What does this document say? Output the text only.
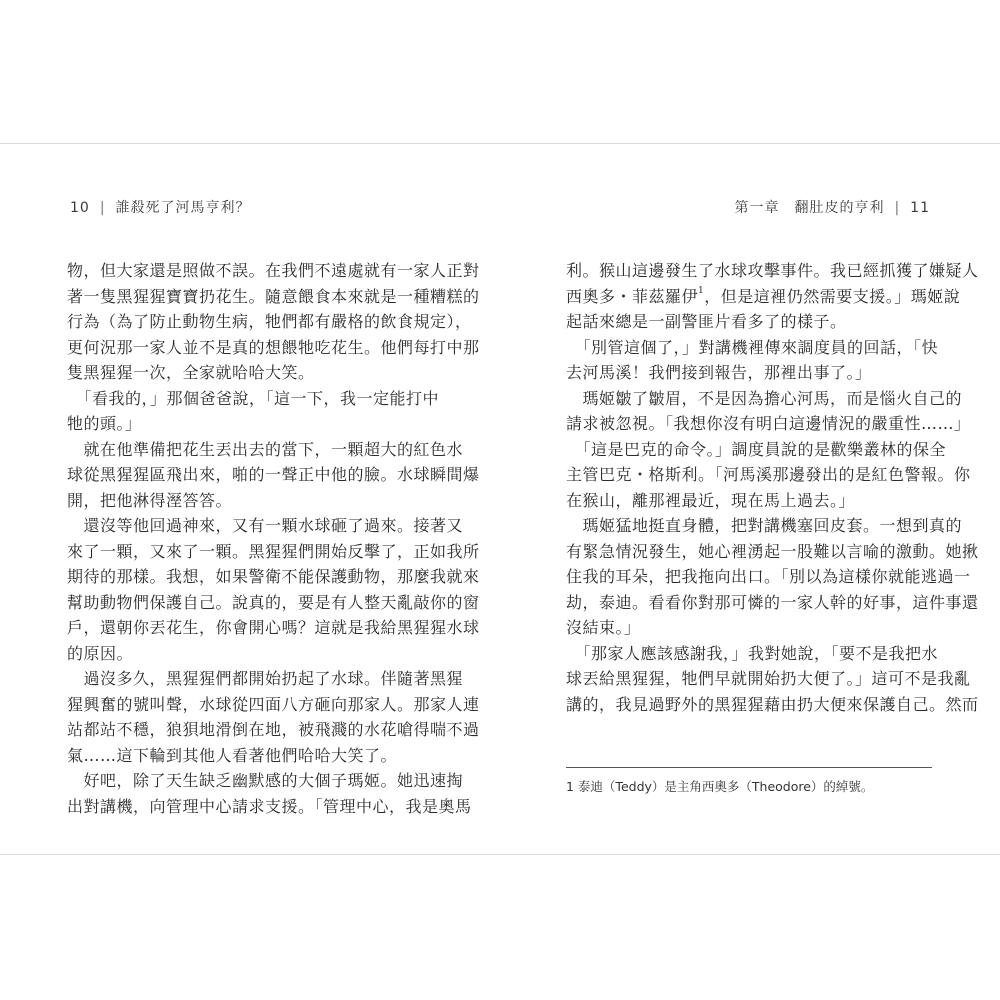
10 | 誰殺死了河馬亨利？	第一章　翻肚皮的亨利 | 11
物，但大家還是照做不誤。在我們不遠處就有一家人正對
著一隻黑猩猩寶寶扔花生。隨意餵食本來就是一種糟糕的
行為（為了防止動物生病，牠們都有嚴格的飲食規定），
更何況那一家人並不是真的想餵牠吃花生。他們每打中那
隻黑猩猩一次，全家就哈哈大笑。
　「看我的，」那個爸爸說，「這一下，我一定能打中
牠的頭。」
　就在他準備把花生丟出去的當下，一顆超大的紅色水
球從黑猩猩區飛出來，啪的一聲正中他的臉。水球瞬間爆
開，把他淋得溼答答。
　還沒等他回過神來，又有一顆水球砸了過來。接著又
來了一顆，又來了一顆。黑猩猩們開始反擊了，正如我所
期待的那樣。我想，如果警衛不能保護動物，那麼我就來
幫助動物們保護自己。說真的，要是有人整天亂敲你的窗
戶，還朝你丟花生，你會開心嗎？這就是我給黑猩猩水球
的原因。
　過沒多久，黑猩猩們都開始扔起了水球。伴隨著黑猩
猩興奮的號叫聲，水球從四面八方砸向那家人。那家人連
站都站不穩，狼狽地滑倒在地，被飛濺的水花嗆得喘不過
氣……這下輪到其他人看著他們哈哈大笑了。
　好吧，除了天生缺乏幽默感的大個子瑪姬。她迅速掏
出對講機，向管理中心請求支援。「管理中心，我是奧馬
利。猴山這邊發生了水球攻擊事件。我已經抓獲了嫌疑人
西奧多・菲茲羅伊$^1$，但是這裡仍然需要支援。」瑪姬說
起話來總是一副警匪片看多了的樣子。
　「別管這個了，」對講機裡傳來調度員的回話，「快
去河馬溪！我們接到報告，那裡出事了。」
　瑪姬皺了皺眉，不是因為擔心河馬，而是惱火自己的
請求被忽視。「我想你沒有明白這邊情況的嚴重性……」
　「這是巴克的命令。」調度員說的是歡樂叢林的保全
主管巴克・格斯利。「河馬溪那邊發出的是紅色警報。你
在猴山，離那裡最近，現在馬上過去。」
　瑪姬猛地挺直身體，把對講機塞回皮套。一想到真的
有緊急情況發生，她心裡湧起一股難以言喻的激動。她揪
住我的耳朵，把我拖向出口。「別以為這樣你就能逃過一
劫，泰迪。看看你對那可憐的一家人幹的好事，這件事還
沒結束。」
　「那家人應該感謝我，」我對她說，「要不是我把水
球丟給黑猩猩，牠們早就開始扔大便了。」這可不是我亂
講的，我見過野外的黑猩猩藉由扔大便來保護自己。然而
1 泰迪（Teddy）是主角西奧多（Theodore）的綽號。
